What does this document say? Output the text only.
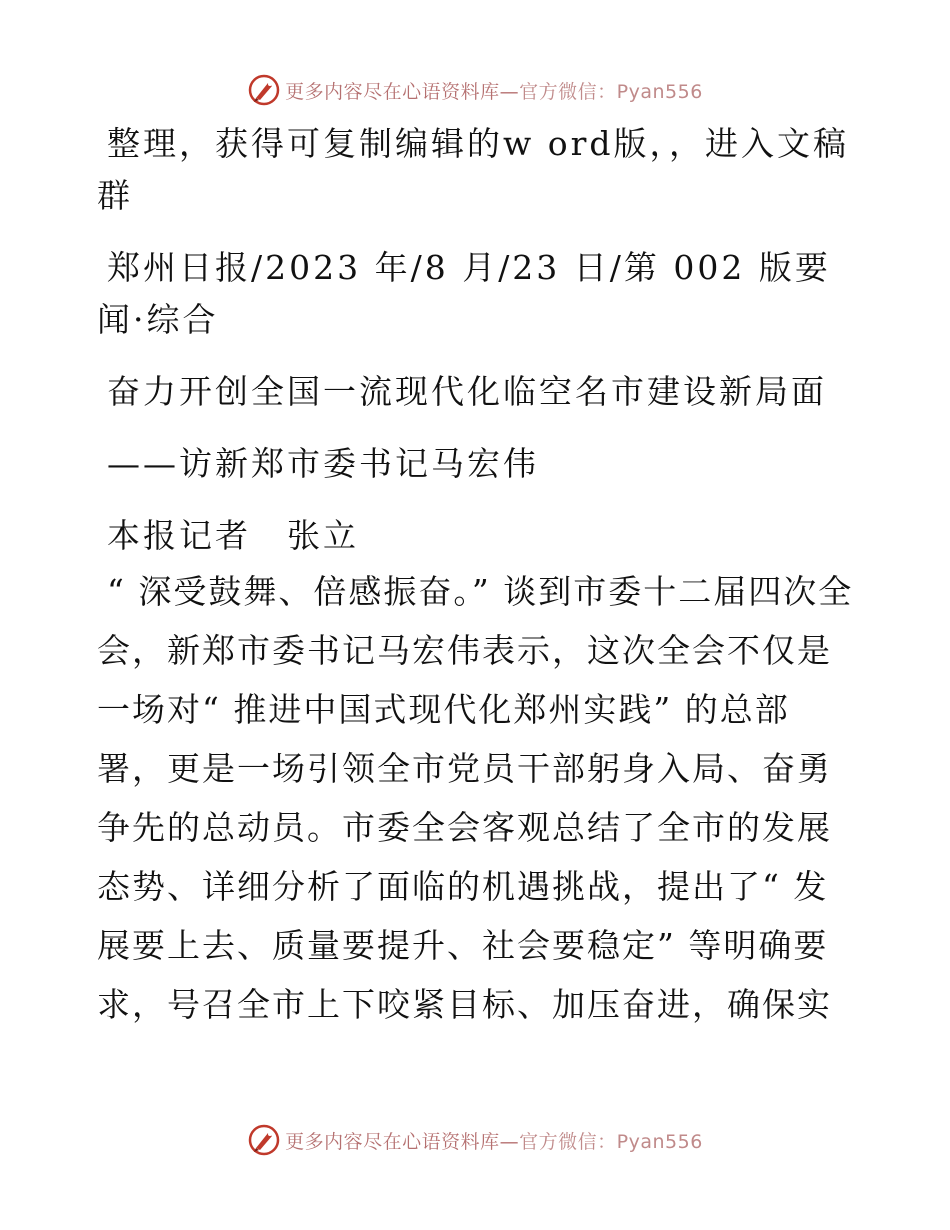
更多内容尽在心语资料库—官方微信：Pyan556

整理，获得可复制编辑的w ord版，，进入文稿群

郑州日报/2023 年/8 月/23 日/第 002 版要闻·综合

奋力开创全国一流现代化临空名市建设新局面

——访新郑市委书记马宏伟

本报记者　张立

“ 深受鼓舞、倍感振奋。” 谈到市委十二届四次全会，新郑市委书记马宏伟表示，这次全会不仅是一场对“ 推进中国式现代化郑州实践” 的总部署，更是一场引领全市党员干部躬身入局、奋勇争先的总动员。市委全会客观总结了全市的发展态势、详细分析了面临的机遇挑战，提出了“ 发展要上去、质量要提升、社会要稳定” 等明确要求，号召全市上下咬紧目标、加压奋进，确保实

更多内容尽在心语资料库—官方微信：Pyan556
